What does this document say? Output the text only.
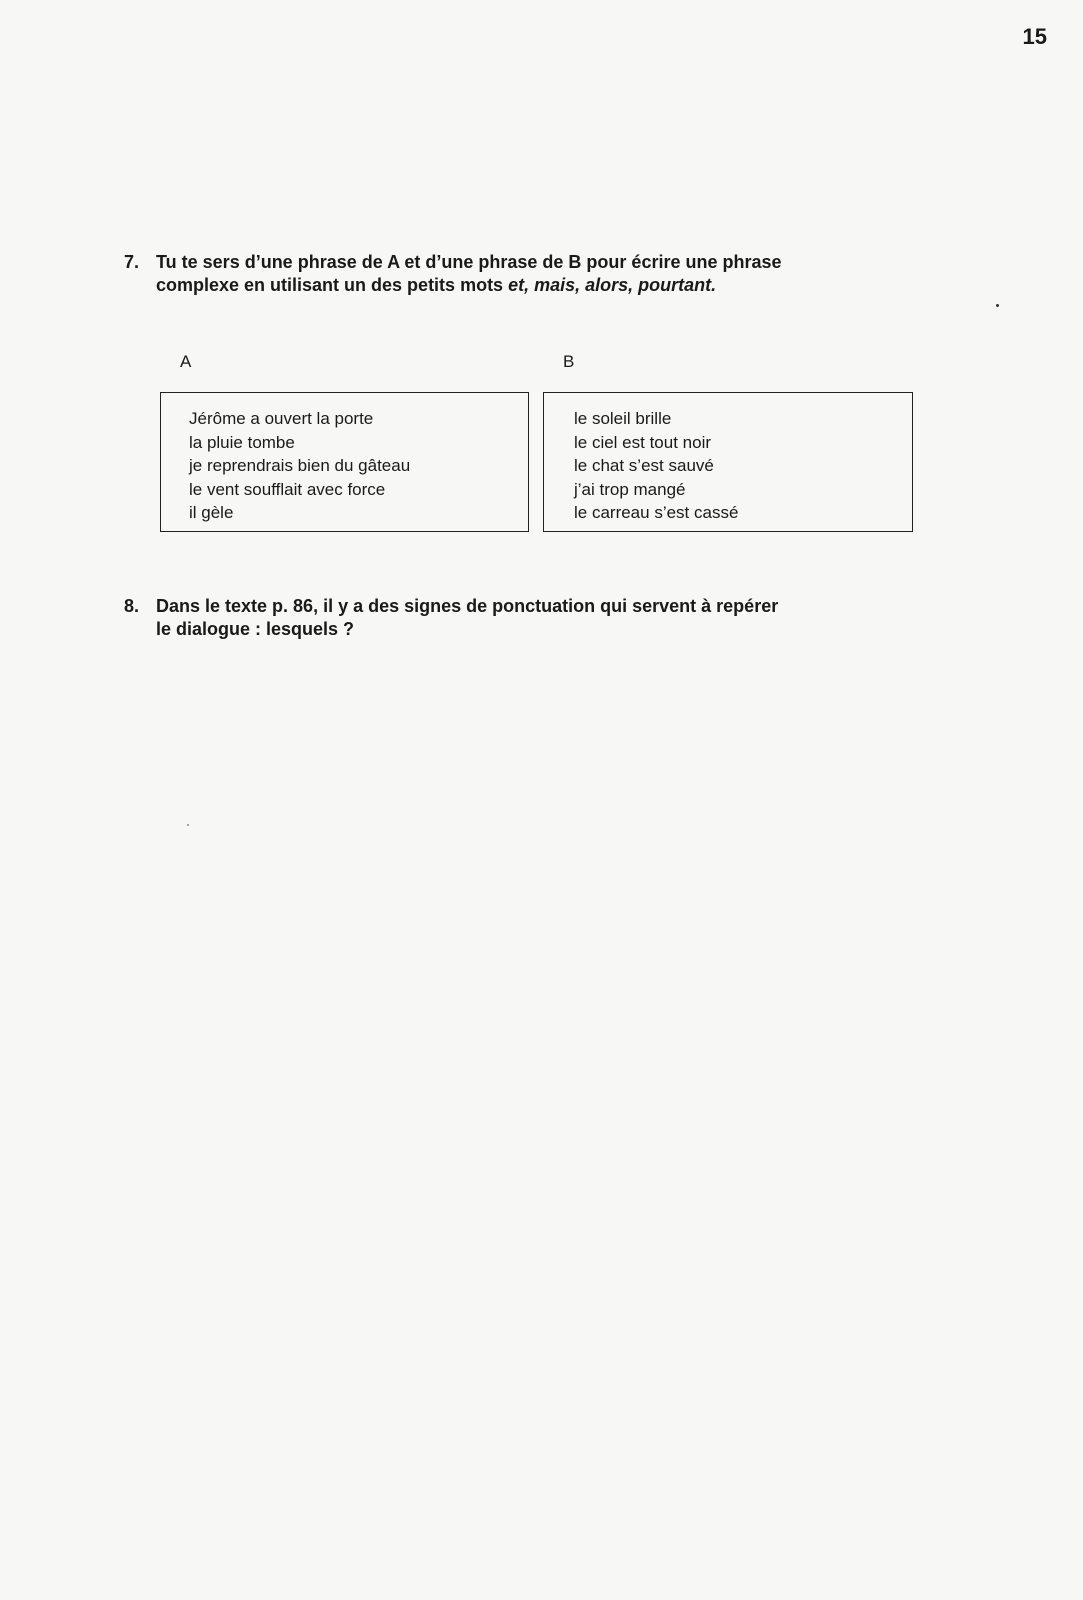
15
7. Tu te sers d’une phrase de A et d’une phrase de B pour écrire une phrase
complexe en utilisant un des petits mots et, mais, alors, pourtant.
A	B
Jérôme a ouvert la porte
la pluie tombe
je reprendrais bien du gâteau
le vent soufflait avec force
il gèle
le soleil brille
le ciel est tout noir
le chat s’est sauvé
j’ai trop mangé
le carreau s’est cassé
8. Dans le texte p. 86, il y a des signes de ponctuation qui servent à repérer
le dialogue : lesquels ?
